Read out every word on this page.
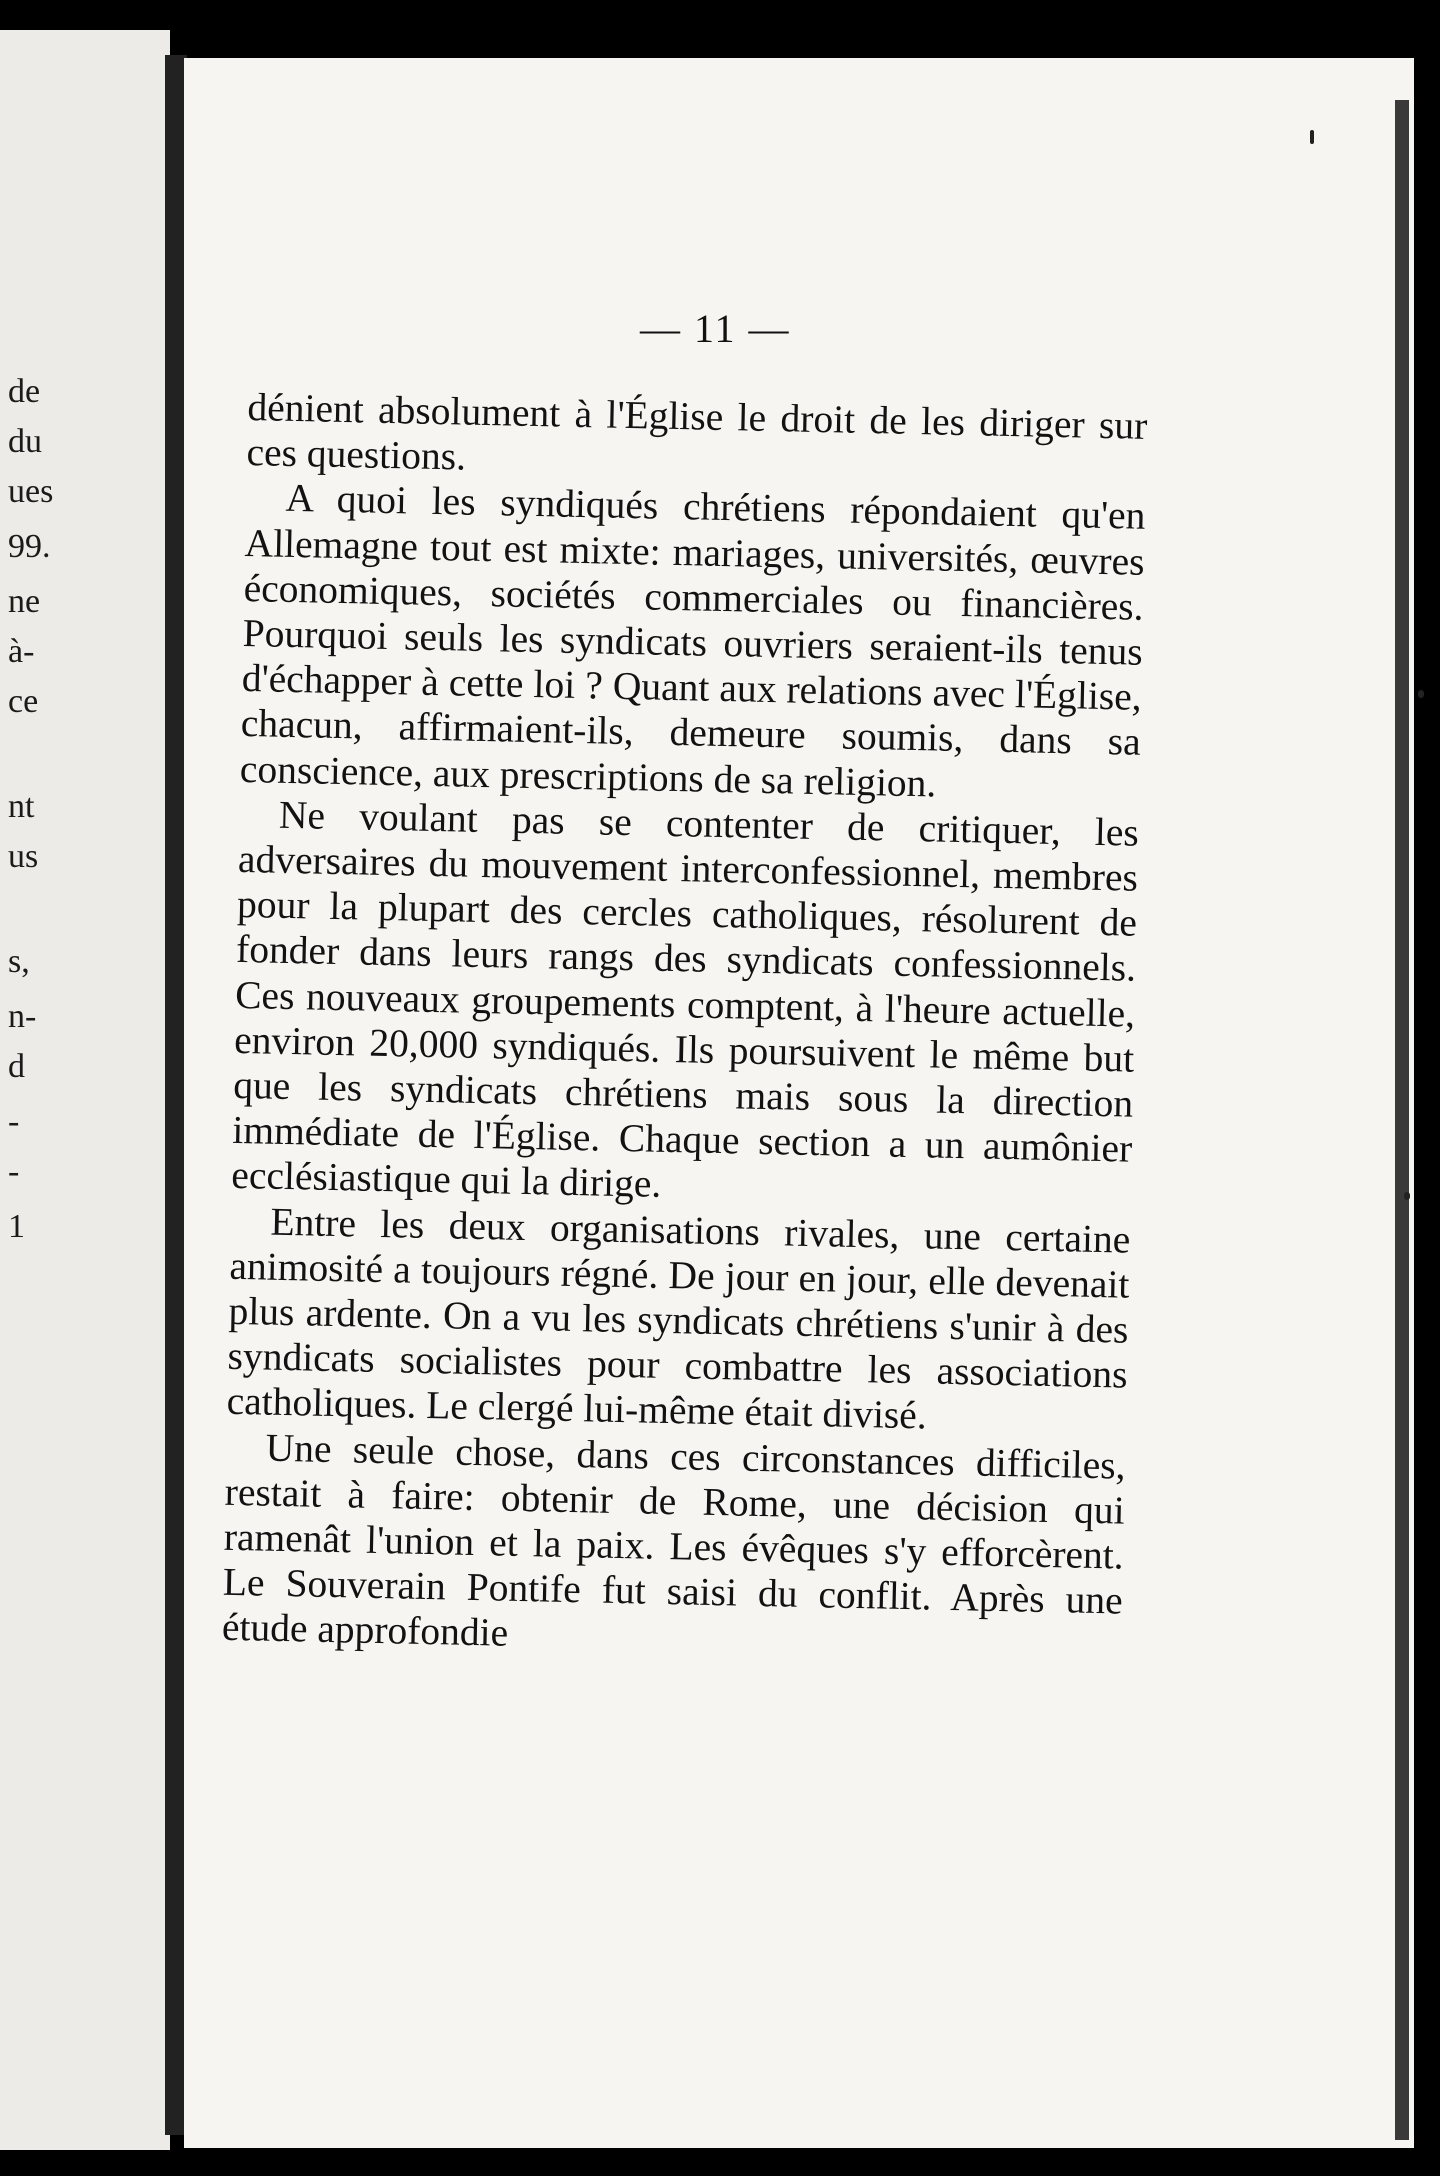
de
du
ues
99.
ne
à-
ce
nt
us
s,
n-
d
-
-
1
— 11 —

dénient absolument à l'Église le droit de les diriger sur ces questions.

A quoi les syndiqués chrétiens répondaient qu'en Allemagne tout est mixte: mariages, universités, œuvres économiques, sociétés commerciales ou financières. Pourquoi seuls les syndicats ouvriers seraient-ils tenus d'échapper à cette loi ? Quant aux relations avec l'Église, chacun, affirmaient-ils, demeure soumis, dans sa conscience, aux prescriptions de sa religion.

Ne voulant pas se contenter de critiquer, les adversaires du mouvement interconfessionnel, membres pour la plupart des cercles catholiques, résolurent de fonder dans leurs rangs des syndicats confessionnels. Ces nouveaux groupements comptent, à l'heure actuelle, environ 20,000 syndiqués. Ils poursuivent le même but que les syndicats chrétiens mais sous la direction immédiate de l'Église. Chaque section a un aumônier ecclésiastique qui la dirige.

Entre les deux organisations rivales, une certaine animosité a toujours régné. De jour en jour, elle devenait plus ardente. On a vu les syndicats chrétiens s'unir à des syndicats socialistes pour combattre les associations catholiques. Le clergé lui-même était divisé.

Une seule chose, dans ces circonstances difficiles, restait à faire: obtenir de Rome, une décision qui ramenât l'union et la paix. Les évêques s'y efforcèrent. Le Souverain Pontife fut saisi du conflit. Après une étude approfondie
